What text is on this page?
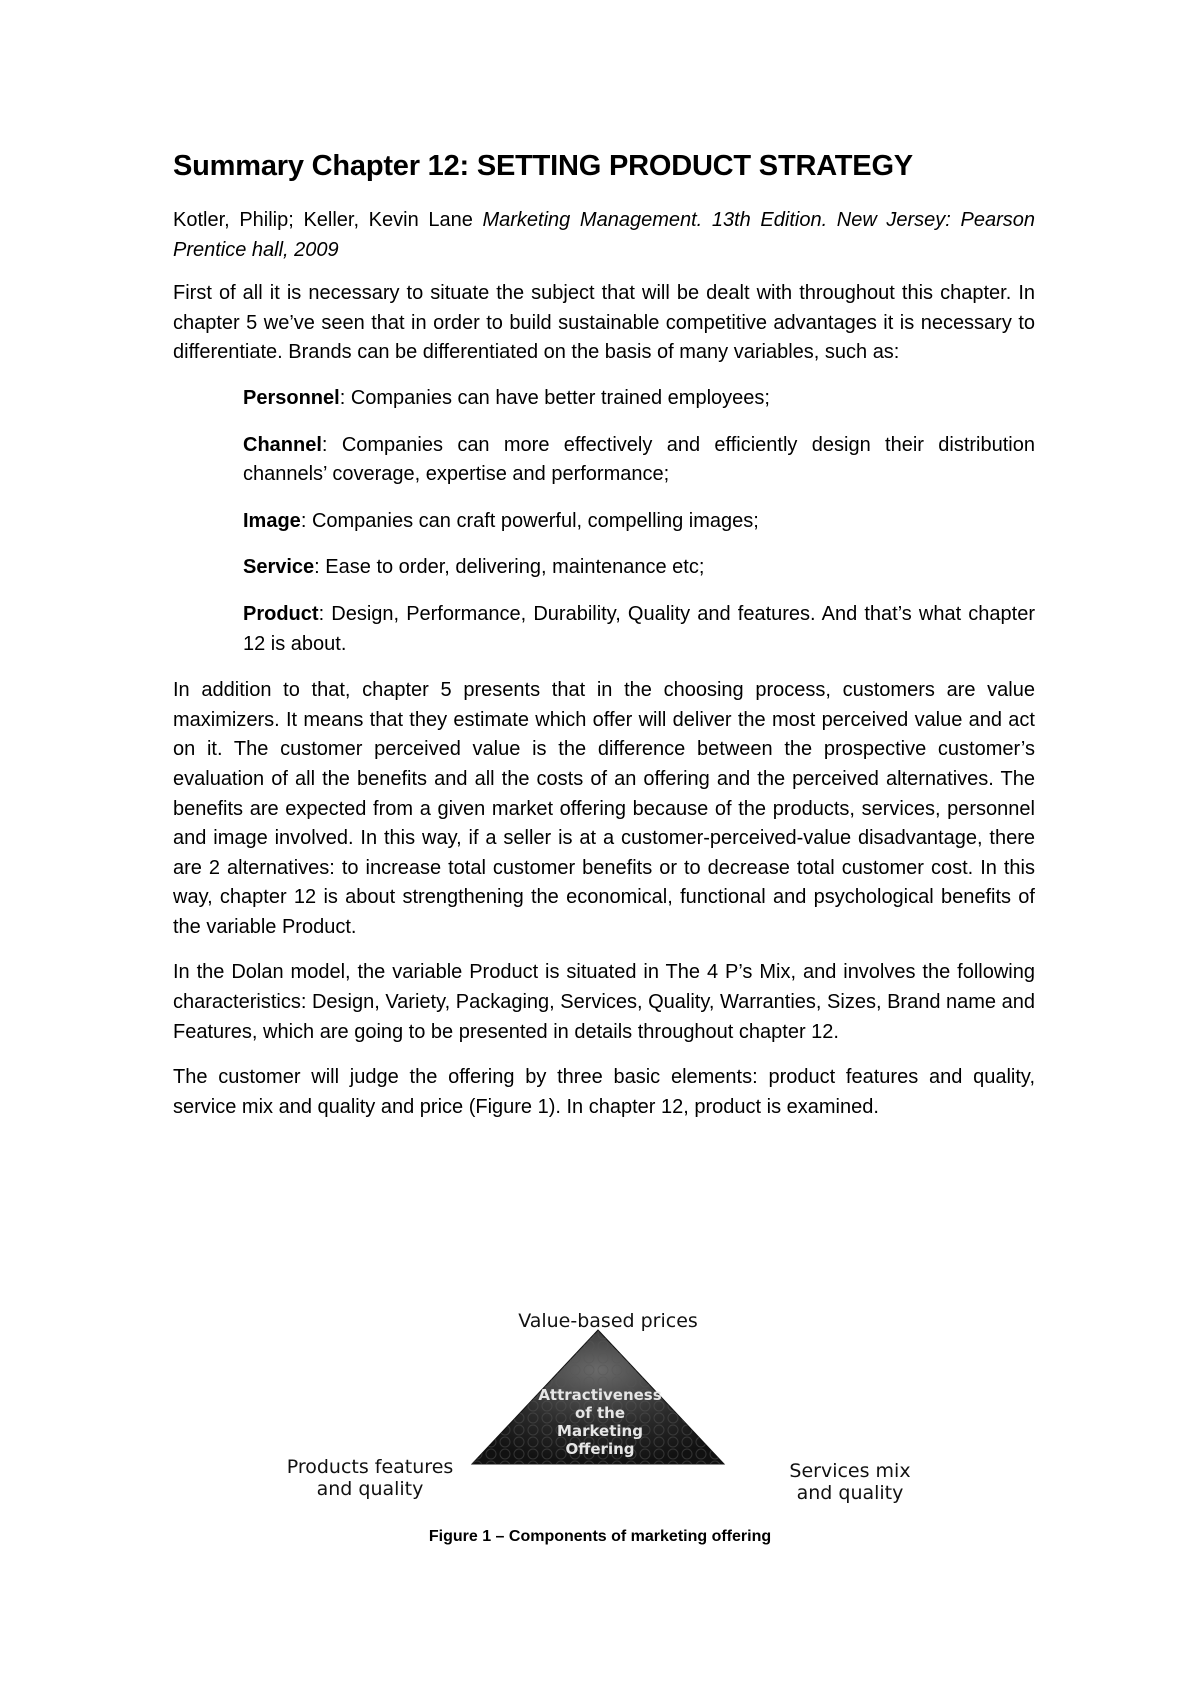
Summary Chapter 12: SETTING PRODUCT STRATEGY

Kotler, Philip; Keller, Kevin Lane Marketing Management. 13th Edition. New Jersey: Pearson Prentice hall, 2009

First of all it is necessary to situate the subject that will be dealt with throughout this chapter. In chapter 5 we’ve seen that in order to build sustainable competitive advantages it is necessary to differentiate. Brands can be differentiated on the basis of many variables, such as:

Personnel: Companies can have better trained employees;

Channel: Companies can more effectively and efficiently design their distribution channels’ coverage, expertise and performance;

Image: Companies can craft powerful, compelling images;

Service: Ease to order, delivering, maintenance etc;

Product: Design, Performance, Durability, Quality and features. And that’s what chapter 12 is about.

In addition to that, chapter 5 presents that in the choosing process, customers are value maximizers. It means that they estimate which offer will deliver the most perceived value and act on it. The customer perceived value is the difference between the prospective customer’s evaluation of all the benefits and all the costs of an offering and the perceived alternatives. The benefits are expected from a given market offering because of the products, services, personnel and image involved. In this way, if a seller is at a customer-perceived-value disadvantage, there are 2 alternatives: to increase total customer benefits or to decrease total customer cost. In this way, chapter 12 is about strengthening the economical, functional and psychological benefits of the variable Product.

In the Dolan model, the variable Product is situated in The 4 P’s Mix, and involves the following characteristics: Design, Variety, Packaging, Services, Quality, Warranties, Sizes, Brand name and Features, which are going to be presented in details throughout chapter 12.

The customer will judge the offering by three basic elements: product features and quality, service mix and quality and price (Figure 1). In chapter 12, product is examined.

Value-based prices
Products features
and quality
Services mix
and quality
Attractiveness
of the
Marketing
Offering
Figure 1 – Components of marketing offering
